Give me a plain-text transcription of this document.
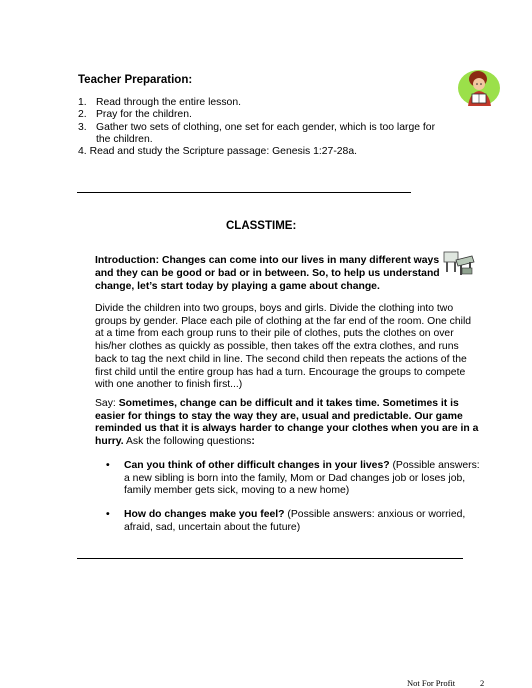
Teacher Preparation:
1. Read through the entire lesson.
2. Pray for the children.
3. Gather two sets of clothing, one set for each gender, which is too large for the children.
4. Read and study the Scripture passage: Genesis 1:27-28a.
CLASSTIME:
Introduction: Changes can come into our lives in many different ways and they can be good or bad or in between. So, to help us understand change, let’s start today by playing a game about change.
Divide the children into two groups, boys and girls. Divide the clothing into two groups by gender. Place each pile of clothing at the far end of the room. One child at a time from each group runs to their pile of clothes, puts the clothes on over his/her clothes as quickly as possible, then takes off the extra clothes, and runs back to tag the next child in line. The second child then repeats the actions of the first child until the entire group has had a turn. Encourage the groups to compete with one another to finish first...)
Say: Sometimes, change can be difficult and it takes time. Sometimes it is easier for things to stay the way they are, usual and predictable. Our game reminded us that it is always harder to change your clothes when you are in a hurry. Ask the following questions:
• Can you think of other difficult changes in your lives? (Possible answers: a new sibling is born into the family, Mom or Dad changes job or loses job, family member gets sick, moving to a new home)
• How do changes make you feel? (Possible answers: anxious or worried, afraid, sad, uncertain about the future)
Not For Profit	2
